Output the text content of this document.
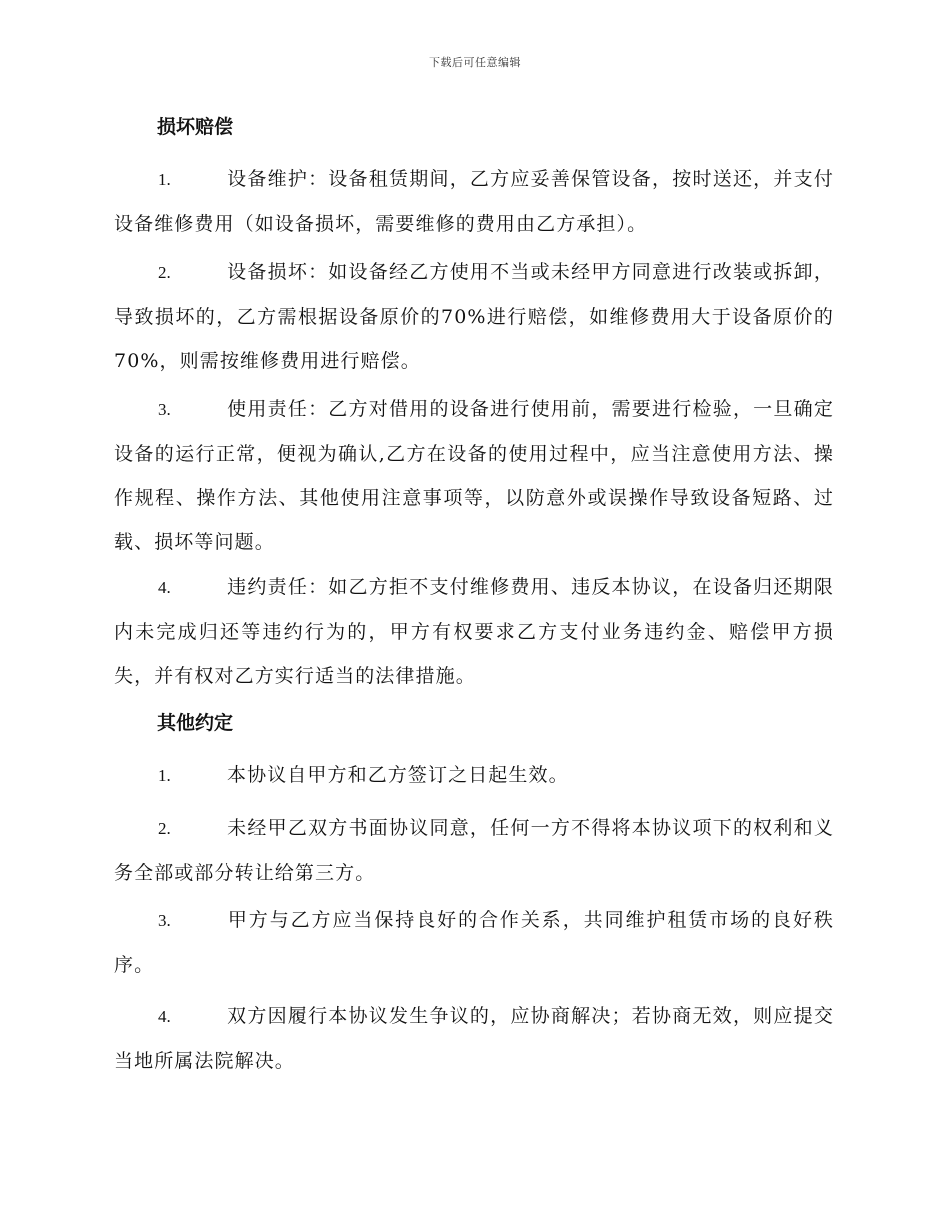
下载后可任意编辑
损坏赔偿
1.	设备维护：设备租赁期间，乙方应妥善保管设备，按时送还，并支付设备维修费用（如设备损坏，需要维修的费用由乙方承担）。
2.	设备损坏：如设备经乙方使用不当或未经甲方同意进行改装或拆卸，导致损坏的，乙方需根据设备原价的70%进行赔偿，如维修费用大于设备原价的70%，则需按维修费用进行赔偿。
3.	使用责任：乙方对借用的设备进行使用前，需要进行检验，一旦确定设备的运行正常，便视为确认,乙方在设备的使用过程中，应当注意使用方法、操作规程、操作方法、其他使用注意事项等，以防意外或误操作导致设备短路、过载、损坏等问题。
4.	违约责任：如乙方拒不支付维修费用、违反本协议，在设备归还期限内未完成归还等违约行为的，甲方有权要求乙方支付业务违约金、赔偿甲方损失，并有权对乙方实行适当的法律措施。
其他约定
1.	本协议自甲方和乙方签订之日起生效。
2.	未经甲乙双方书面协议同意，任何一方不得将本协议项下的权利和义务全部或部分转让给第三方。
3.	甲方与乙方应当保持良好的合作关系，共同维护租赁市场的良好秩序。
4.	双方因履行本协议发生争议的，应协商解决；若协商无效，则应提交当地所属法院解决。
